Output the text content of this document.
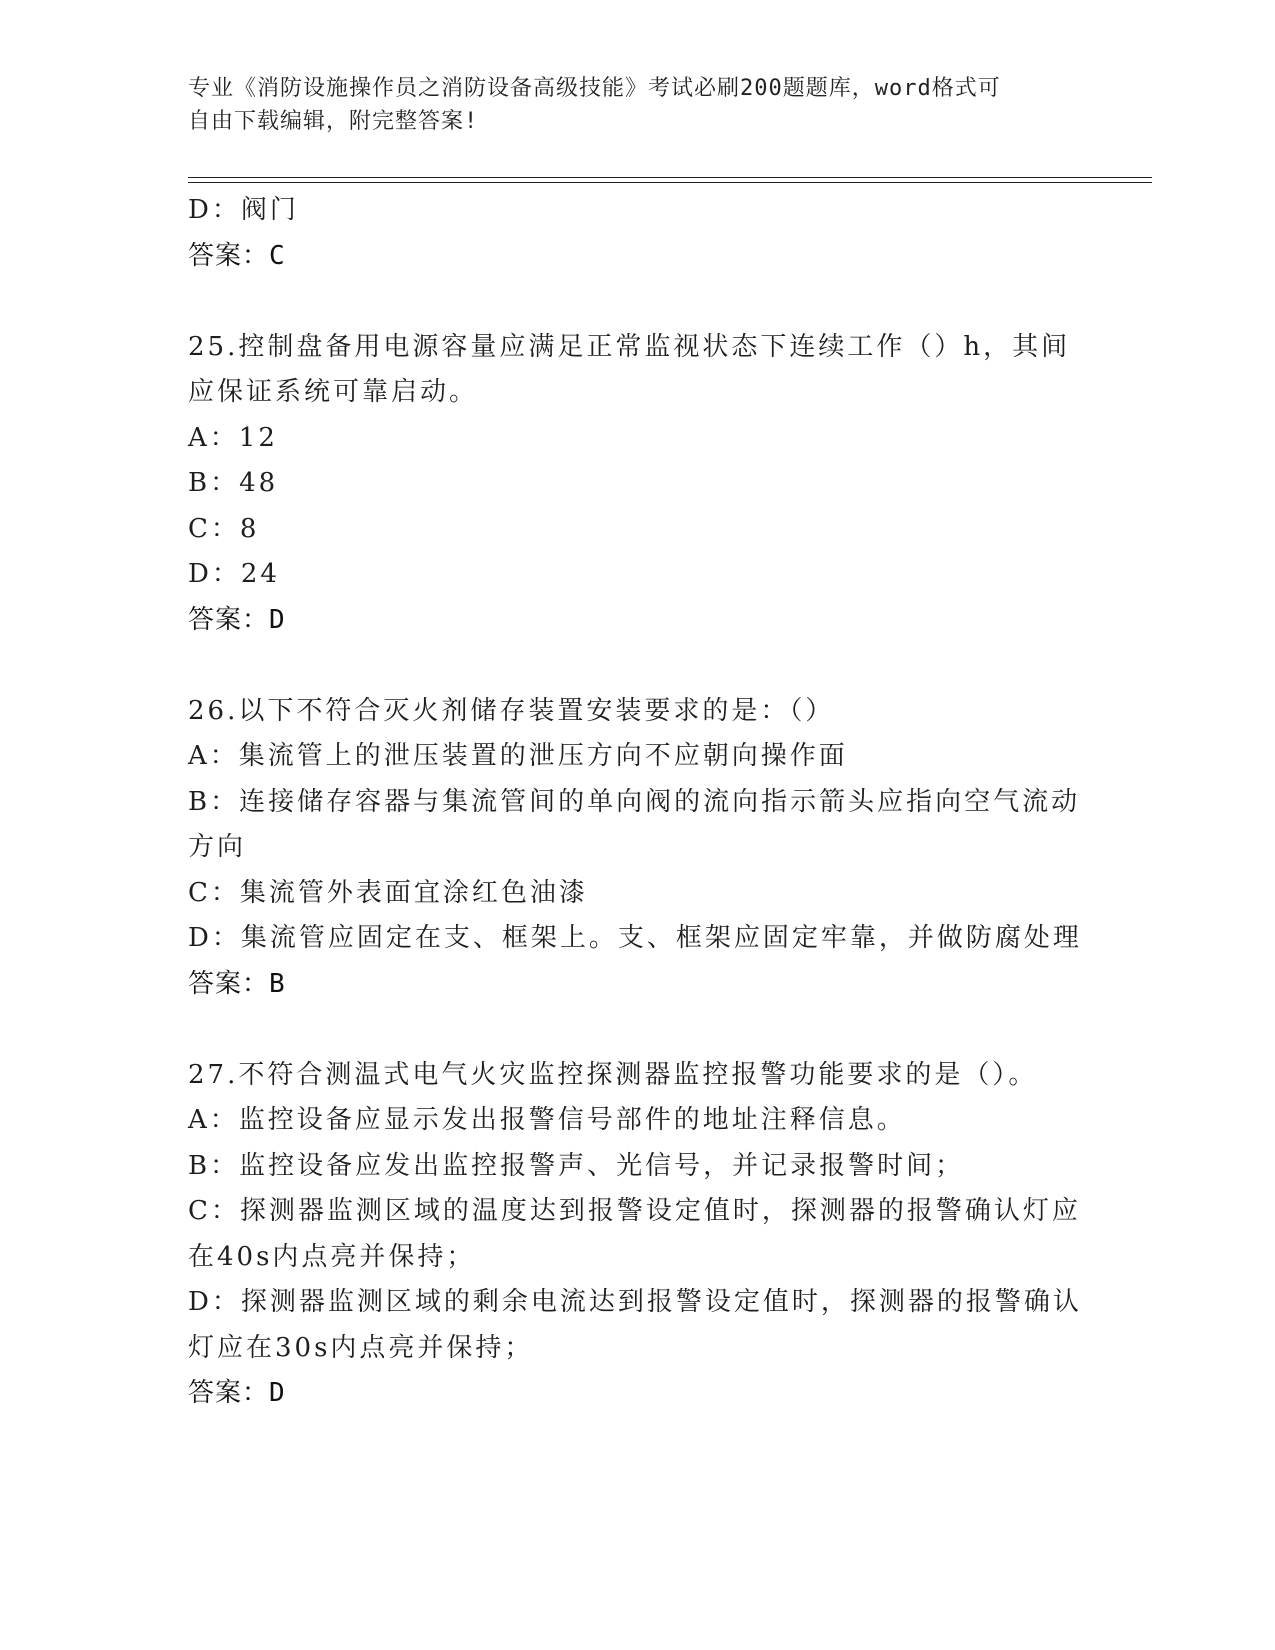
专业《消防设施操作员之消防设备高级技能》考试必刷200题题库，word格式可
自由下载编辑，附完整答案!
D：阀门
答案：C
25.控制盘备用电源容量应满足正常监视状态下连续工作（）h，其间
应保证系统可靠启动。
A：12
B：48
C：8
D：24
答案：D
26.以下不符合灭火剂储存装置安装要求的是：（）
A：集流管上的泄压装置的泄压方向不应朝向操作面
B：连接储存容器与集流管间的单向阀的流向指示箭头应指向空气流动
方向
C：集流管外表面宜涂红色油漆
D：集流管应固定在支、框架上。支、框架应固定牢靠，并做防腐处理
答案：B
27.不符合测温式电气火灾监控探测器监控报警功能要求的是（）。
A：监控设备应显示发出报警信号部件的地址注释信息。
B：监控设备应发出监控报警声、光信号，并记录报警时间；
C：探测器监测区域的温度达到报警设定值时，探测器的报警确认灯应
在40s内点亮并保持；
D：探测器监测区域的剩余电流达到报警设定值时，探测器的报警确认
灯应在30s内点亮并保持；
答案：D
